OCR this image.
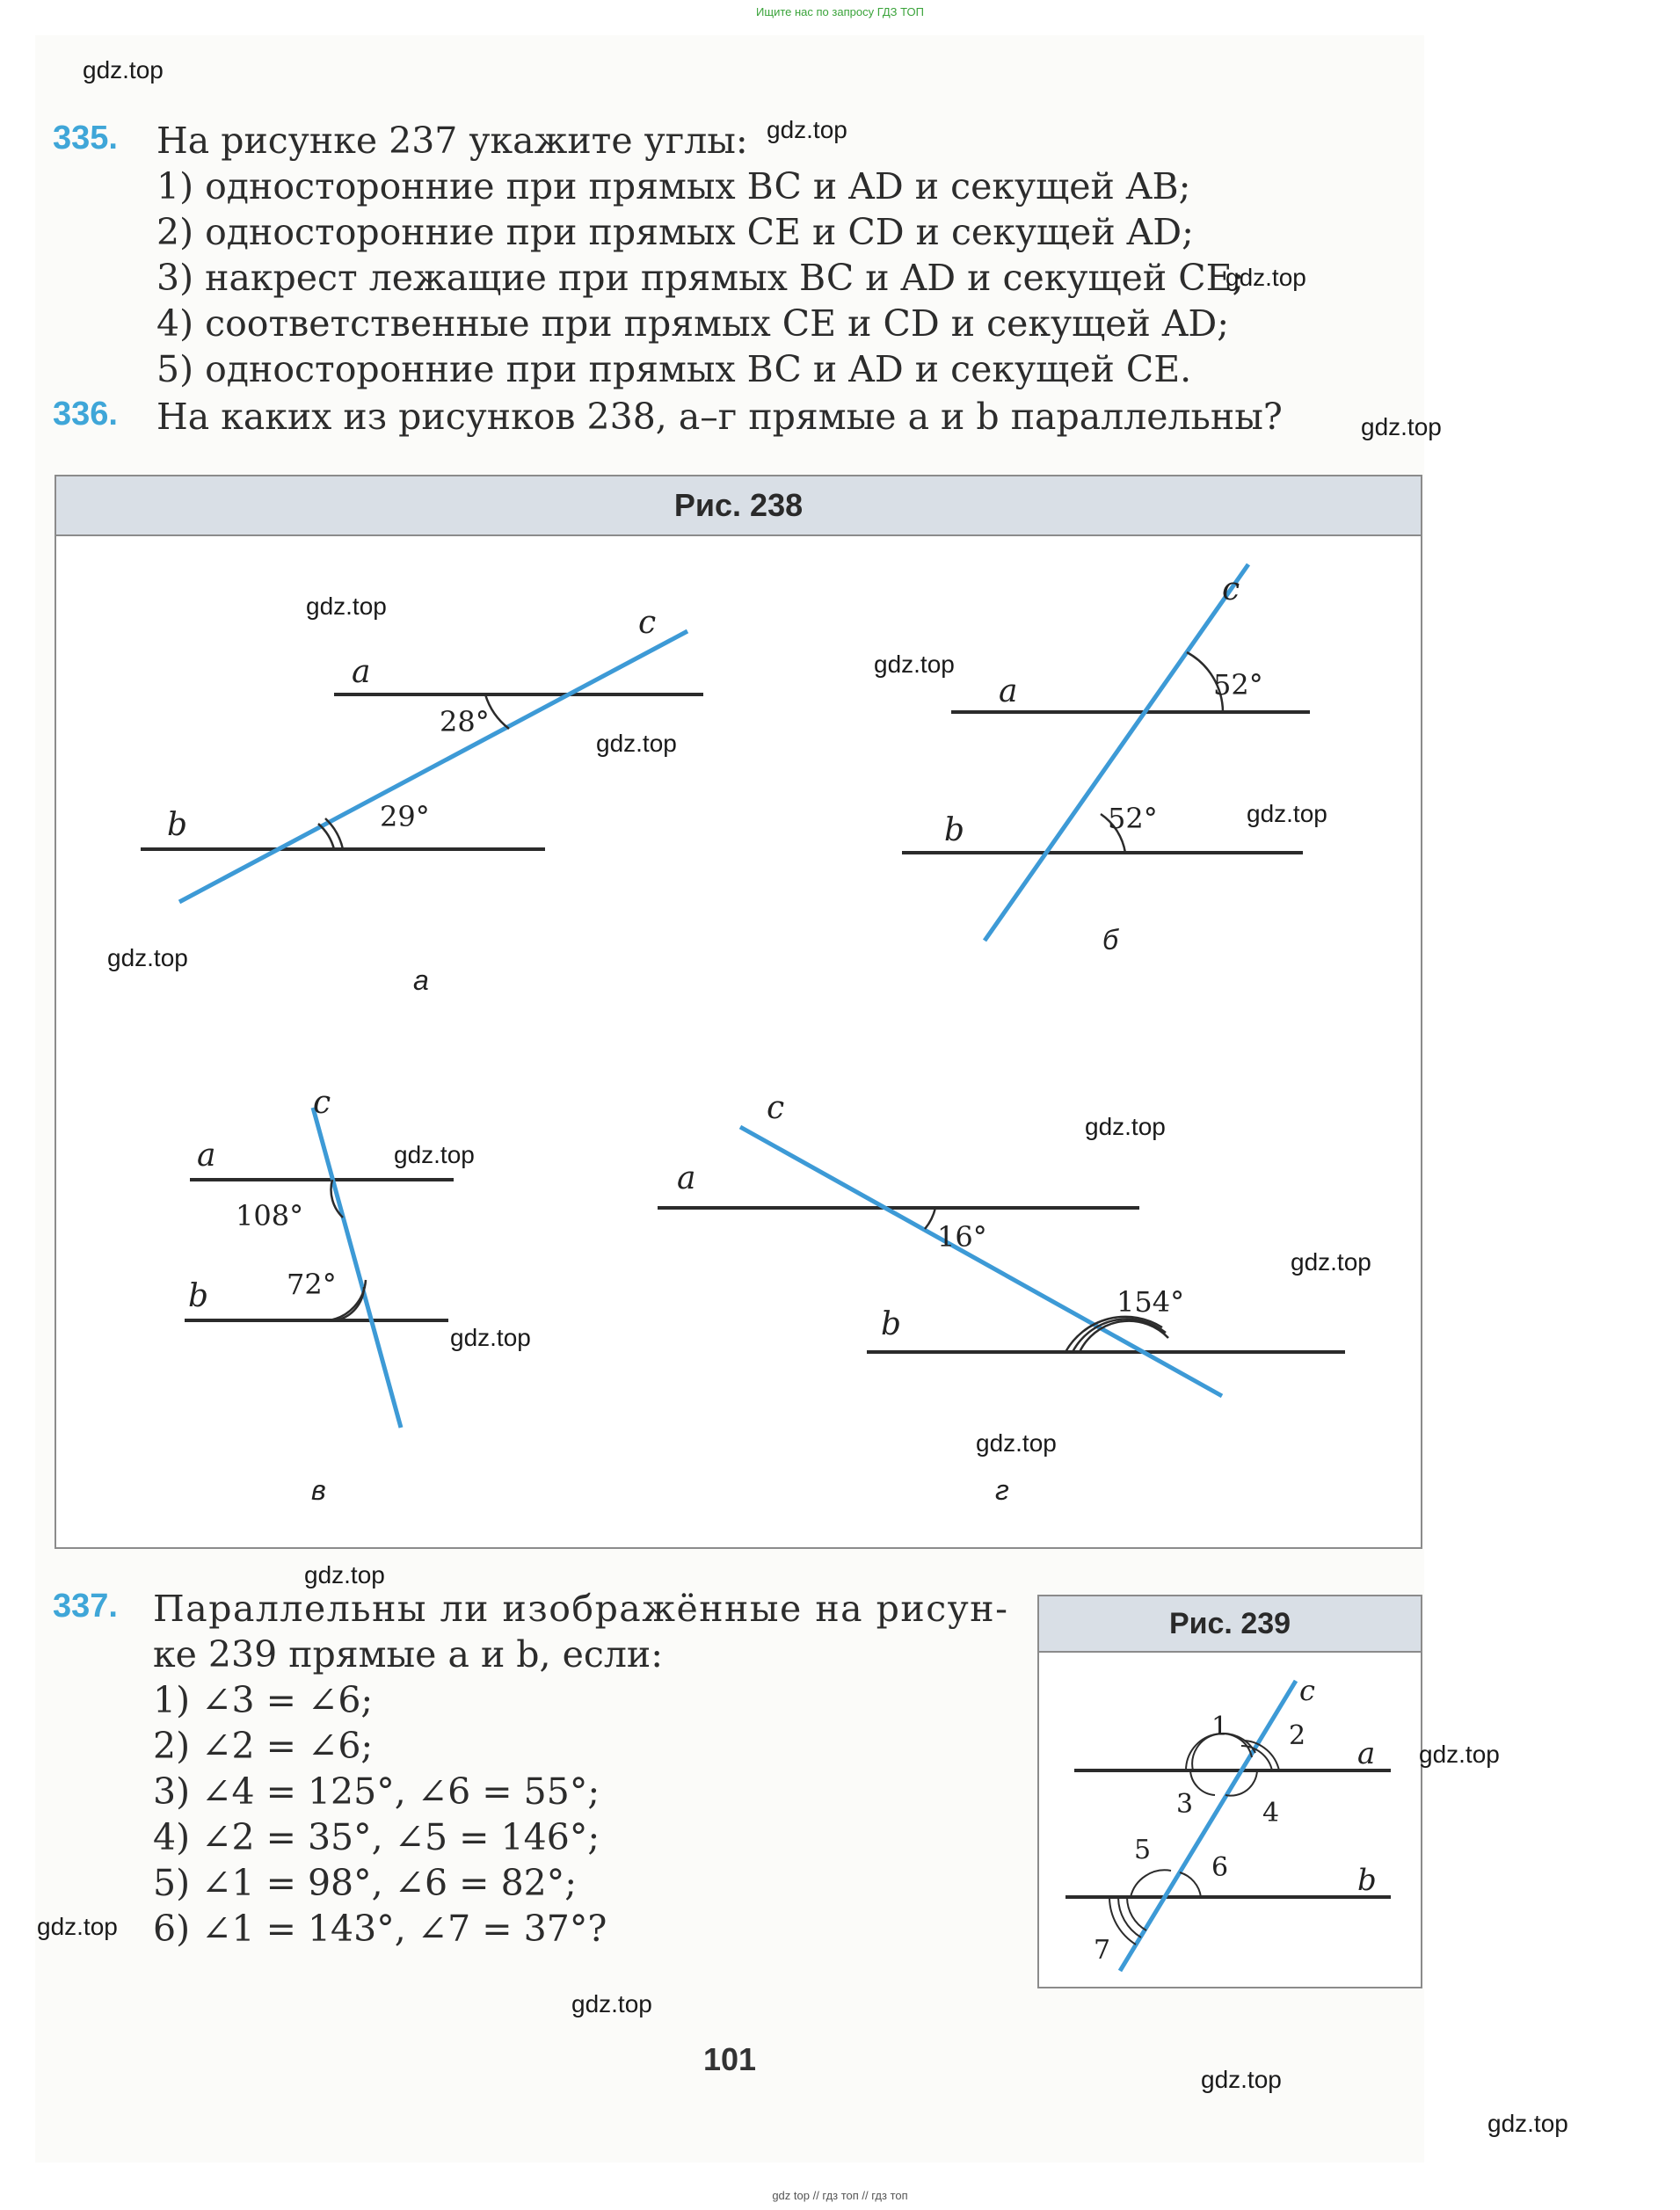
Ищите нас по запросу ГДЗ ТОП
335. На рисунке 237 укажите углы:
1) односторонние при прямых BC и AD и секущей AB;
2) односторонние при прямых CE и CD и секущей AD;
3) накрест лежащие при прямых BC и AD и секущей CE;
4) соответственные при прямых CE и CD и секущей AD;
5) односторонние при прямых BC и AD и секущей CE.
336. На каких из рисунков 238, а–г прямые a и b параллельны?
Рис. 238
a
b
c
28°
29°
а
a
b
c
52°
52°
б
a
b
c
108°
72°
в
a
b
c
16°
154°
г
337. Параллельны ли изображённые на рисун-
ке 239 прямые a и b, если:
1) ∠3 = ∠6;
2) ∠2 = ∠6;
3) ∠4 = 125°, ∠6 = 55°;
4) ∠2 = 35°, ∠5 = 146°;
5) ∠1 = 98°, ∠6 = 82°;
6) ∠1 = 143°, ∠7 = 37°?
Рис. 239
a
b
c
1 2
3	4
5
6
7
101
gdz.top
gdz.top
gdz.top
gdz.top
gdz.top
gdz.top
gdz.top
gdz.top
gdz.top
gdz.top
gdz.top
gdz.top
gdz.top
gdz.top
gdz.top
gdz.top
gdz.top
gdz.top
gdz.top
gdz.top
gdz top // гдз топ // гдз топ
